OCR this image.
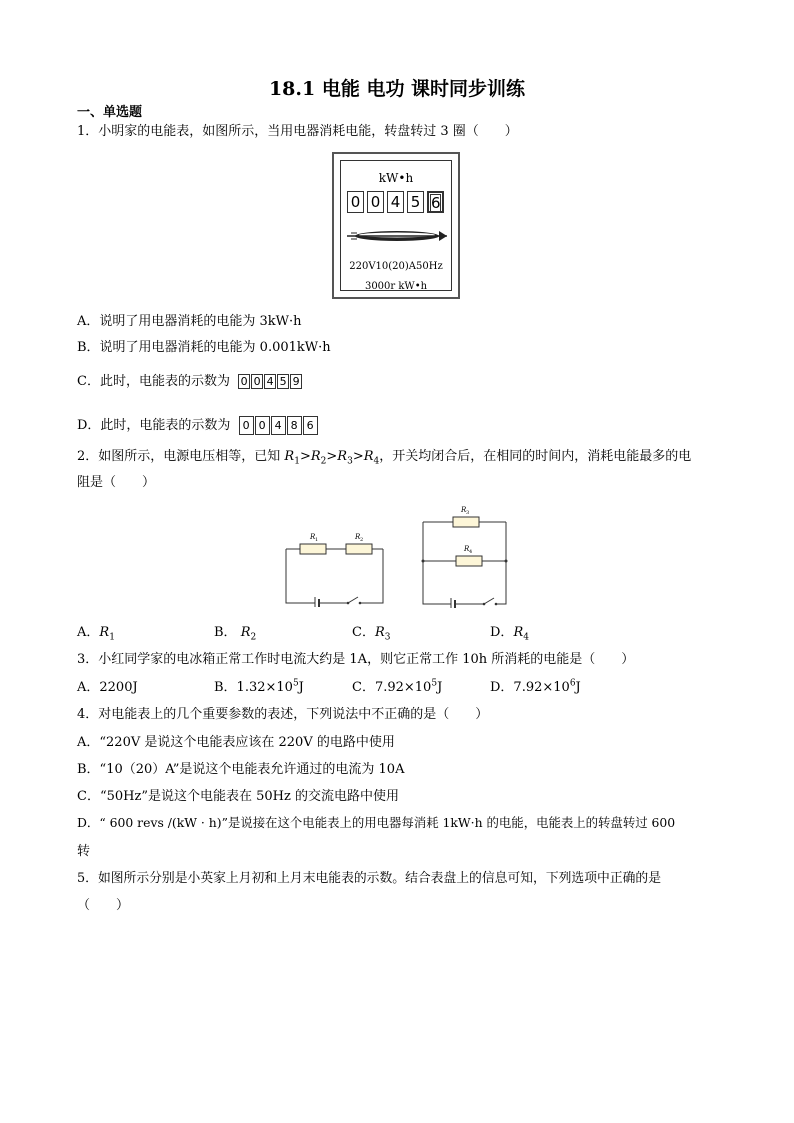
18.1 电能 电功 课时同步训练
一、单选题
1．小明家的电能表，如图所示，当用电器消耗电能，转盘转过 3 圈（　　）
kW•h
0 0 4 5 6
220V10(20)A50Hz
3000r kW•h
A．说明了用电器消耗的电能为 3kW·h
B．说明了用电器消耗的电能为 0.001kW·h
C．此时，电能表的示数为 0 0 4 5 9
D．此时，电能表的示数为	0 0 4 8 6
2．如图所示，电源电压相等，已知 $R_1>R_2>R_3>R_4$，开关均闭合后，在相同的时间内，消耗电能最多的电
阻是（　　）
R 1	R 2
R 3
R 4
A．$R_1$	B． $R_2$	C．$R_3$	D．$R_4$
3．小红同学家的电冰箱正常工作时电流大约是 1A，则它正常工作 10h 所消耗的电能是（　　）
A．2200J	B．$1.32\times 10^5J$	C．$7.92\times 10^5J$	D．$7.92\times 10^6J$
4．对电能表上的几个重要参数的表述，下列说法中不正确的是（　　）
A．“220V 是说这个电能表应该在 220V 的电路中使用
B．“10（20）A”是说这个电能表允许通过的电流为 10A
C．“50Hz”是说这个电能表在 50Hz 的交流电路中使用
D．“ 600 revs /(kW · h)”是说接在这个电能表上的用电器每消耗 1kW·h 的电能，电能表上的转盘转过 600
转
5．如图所示分别是小英家上月初和上月末电能表的示数。结合表盘上的信息可知，下列选项中正确的是
（　　）
